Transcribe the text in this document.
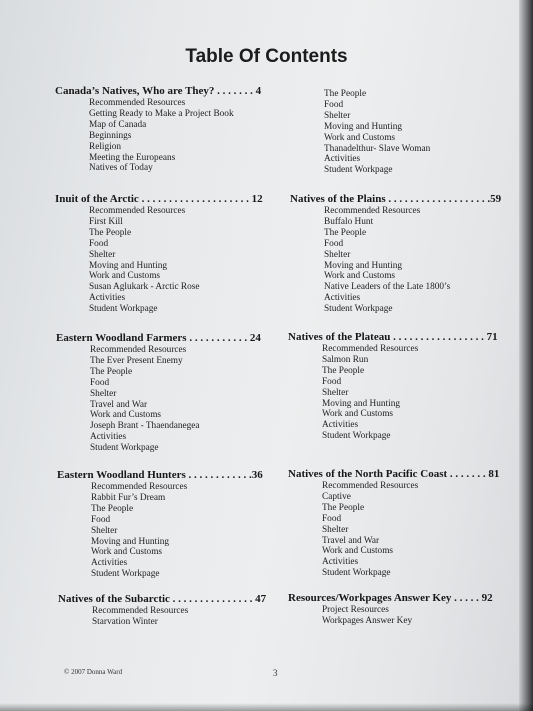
Table Of Contents
Canada’s Natives, Who are They? . . . . . . . 4
Recommended Resources
Getting Ready to Make a Project Book
Map of Canada
Beginnings
Religion
Meeting the Europeans
Natives of Today
The People
Food
Shelter
Moving and Hunting
Work and Customs
Thanadelthur- Slave Woman
Activities
Student Workpage
Inuit of the Arctic . . . . . . . . . . . . . . . . . . . . 12
Recommended Resources
First Kill
The People
Food
Shelter
Moving and Hunting
Work and Customs
Susan Aglukark - Arctic Rose
Activities
Student Workpage
Natives of the Plains . . . . . . . . . . . . . . . . . . .59
Recommended Resources
Buffalo Hunt
The People
Food
Shelter
Moving and Hunting
Work and Customs
Native Leaders of the Late 1800’s
Activities
Student Workpage
Eastern Woodland Farmers . . . . . . . . . . . 24
Recommended Resources
The Ever Present Enemy
The People
Food
Shelter
Travel and War
Work and Customs
Joseph Brant - Thaendanegea
Activities
Student Workpage
Natives of the Plateau . . . . . . . . . . . . . . . . . 71
Recommended Resources
Salmon Run
The People
Food
Shelter
Moving and Hunting
Work and Customs
Activities
Student Workpage
Eastern Woodland Hunters . . . . . . . . . . . .36
Recommended Resources
Rabbit Fur’s Dream
The People
Food
Shelter
Moving and Hunting
Work and Customs
Activities
Student Workpage
Natives of the North Pacific Coast . . . . . . . 81
Recommended Resources
Captive
The People
Food
Shelter
Travel and War
Work and Customs
Activities
Student Workpage
Natives of the Subarctic . . . . . . . . . . . . . . . 47
Recommended Resources
Starvation Winter
Resources/Workpages Answer Key . . . . . 92
Project Resources
Workpages Answer Key
© 2007 Donna Ward	3
